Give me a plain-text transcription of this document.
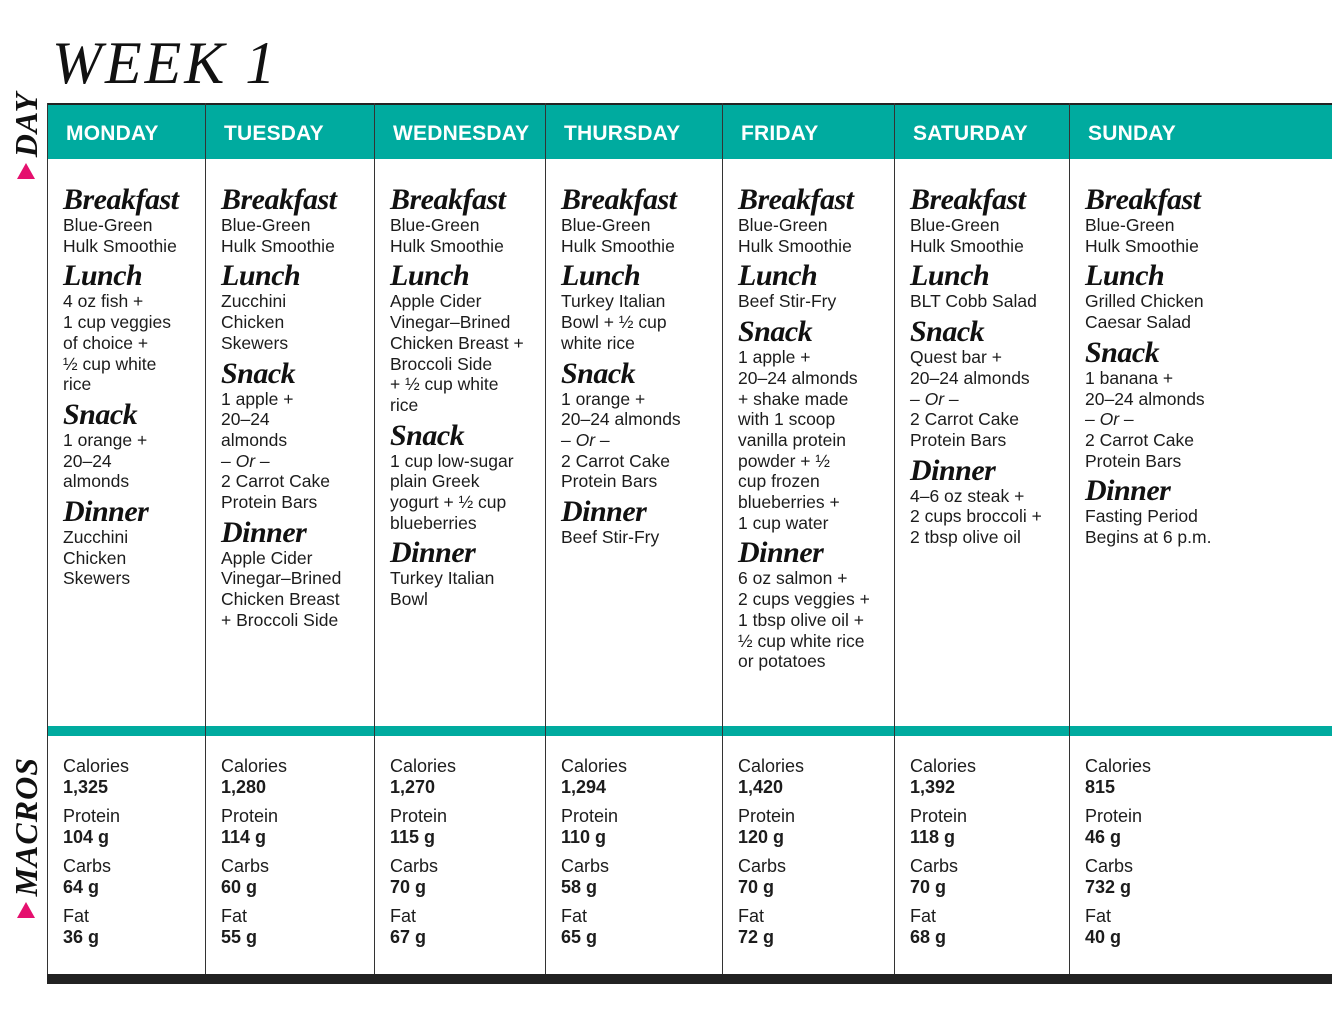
WEEK 1
DAY
MACROS
MONDAY
Breakfast

Blue-Green
Hulk Smoothie

Lunch

4 oz fish +
1 cup veggies
of choice +
½ cup white
rice

Snack

1 orange +
20–24
almonds

Dinner

Zucchini
Chicken
Skewers

Calories
1,325
Protein
104 g
Carbs
64 g
Fat
36 g
TUESDAY
Breakfast

Blue-Green
Hulk Smoothie

Lunch

Zucchini
Chicken
Skewers

Snack

1 apple +
20–24
almonds
– Or –
2 Carrot Cake
Protein Bars

Dinner

Apple Cider
Vinegar–Brined
Chicken Breast
+ Broccoli Side

Calories
1,280
Protein
114 g
Carbs
60 g
Fat
55 g
WEDNESDAY
Breakfast

Blue-Green
Hulk Smoothie

Lunch

Apple Cider
Vinegar–Brined
Chicken Breast +
Broccoli Side
+ ½ cup white
rice

Snack

1 cup low-sugar
plain Greek
yogurt + ½ cup
blueberries

Dinner

Turkey Italian
Bowl

Calories
1,270
Protein
115 g
Carbs
70 g
Fat
67 g
THURSDAY
Breakfast

Blue-Green
Hulk Smoothie

Lunch

Turkey Italian
Bowl + ½ cup
white rice

Snack

1 orange +
20–24 almonds
– Or –
2 Carrot Cake
Protein Bars

Dinner

Beef Stir-Fry

Calories
1,294
Protein
110 g
Carbs
58 g
Fat
65 g
FRIDAY
Breakfast

Blue-Green
Hulk Smoothie

Lunch

Beef Stir-Fry

Snack

1 apple +
20–24 almonds
+ shake made
with 1 scoop
vanilla protein
powder + ½
cup frozen
blueberries +
1 cup water

Dinner

6 oz salmon +
2 cups veggies +
1 tbsp olive oil +
½ cup white rice
or potatoes

Calories
1,420
Protein
120 g
Carbs
70 g
Fat
72 g
SATURDAY
Breakfast

Blue-Green
Hulk Smoothie

Lunch

BLT Cobb Salad

Snack

Quest bar +
20–24 almonds
– Or –
2 Carrot Cake
Protein Bars

Dinner

4–6 oz steak +
2 cups broccoli +
2 tbsp olive oil

Calories
1,392
Protein
118 g
Carbs
70 g
Fat
68 g
SUNDAY
Breakfast

Blue-Green
Hulk Smoothie

Lunch

Grilled Chicken
Caesar Salad

Snack

1 banana +
20–24 almonds
– Or –
2 Carrot Cake
Protein Bars

Dinner

Fasting Period
Begins at 6 p.m.

Calories
815
Protein
46 g
Carbs
732 g
Fat
40 g
